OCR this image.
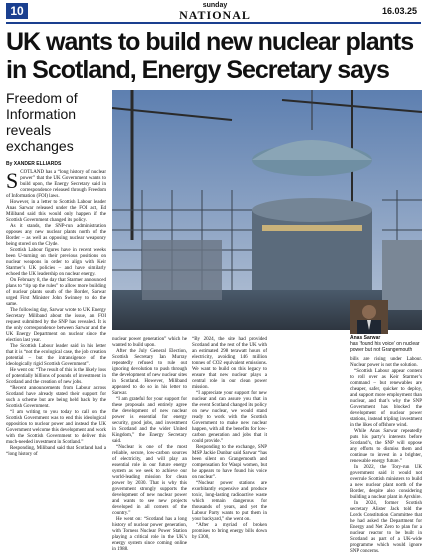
10	sunday
NATIONAL	16.03.25
UK wants to build new nuclear plants in Scotland, Energy Secretary says

Freedom of Information reveals exchanges

By XANDER ELLIARDS
Anas Sarwar
has ‘found his voice’ on nuclear power but not Grangemouth

SCOTLAND has a “long history of nuclear power” that the UK Government wants to build upon, the Energy Secretary said in correspondence released through Freedom of Information (FOI) laws.

However, in a letter to Scottish Labour leader Anas Sarwar released under the FOI act, Ed Miliband said this would only happen if the Scottish Government changed its policy.

As it stands, the SNP-run administration opposes any new nuclear plants north of the Border – as well as opposing nuclear weaponry being stored on the Clyde.

Scottish Labour figures have in recent weeks been U-turning on their previous positions on nuclear weapons in order to align with Keir Starmer’s UK policies – and have similarly echoed the UK leadership on nuclear energy.

On February 8, the day that Starmer announced plans to “rip up the rules” to allow more building of nuclear plants south of the Border, Sarwar urged First Minister John Swinney to do the same.

The following day, Sarwar wrote to UK Energy Secretary Miliband about the issue, an FOI request submitted by the SNP has revealed. It is the only correspondence between Sarwar and the UK Energy Department on nuclear since the election last year.

The Scottish Labour leader said in his letter that it is “not the ecological case, the job creation potential – but the intransigence of the ideologically rigid Scottish Government”.

He went on: “The result of this is the likely loss of potentially billions of pounds of investment in Scotland and the creation of new jobs.

“Recent announcements from Labour across Scotland have already stated their support for such a scheme but are being held back by the Scottish Government.

“I am writing to you today to call on the Scottish Government was to end this ideological opposition to nuclear power and instead the UK Government welcome this development and work with the Scottish Government to deliver this much-needed investment in Scotland.”

Responding, Miliband said that Scotland had a “long history of

nuclear power generation” which he wanted to build upon.

After the July General Election, Scottish Secretary Ian Murray repeatedly refused to rule out ignoring devolution to push through the development of new nuclear sites in Scotland. However, Miliband appeared to do so in his letter to Sarwar.

“I am grateful for your support for these proposals and entirely agree the development of new nuclear power is essential for energy security, good jobs, and investment in Scotland and the wider United Kingdom,” the Energy Secretary said.

“Nuclear is one of the most reliable, secure, low-carbon sources of electricity, and will play an essential role in our future energy system as we seek to achieve our world-leading mission for clean power by 2030. That is why this government strongly supports the development of new nuclear power and wants to see new projects developed in all corners of the country.”

He went on: “Scotland has a long history of nuclear power generation, with Torness Nuclear Power Station playing a critical role in the UK’s energy system since coming online in 1988.

“By 2024, the site had provided Scotland and the rest of the UK with an estimated 298 terawatt hours of electricity, avoiding 146 million tonnes of CO2 equivalent emissions. We want to build on this legacy to ensure that new nuclear plays a central role in our clean power mission.

“I appreciate your support for new nuclear and can assure you that in the event Scotland changed its policy on new nuclear, we would stand ready to work with the Scottish Government to make new nuclear happen, with all the benefits for low-carbon generation and jobs that it could provide.”

Responding to the exchange, SNP MSP Jackie Dunbar said Sarwar “has been silent on Grangemouth and compensation for Waspi women, but he appears to have found his voice on nuclear”.

“Nuclear power stations are exorbitantly expensive and produce toxic, long-lasting radioactive waste which remain dangerous for thousands of years, and yet the Labour Party wants to put them in your backyard,” she went on.

“After a myriad of broken promises to bring energy bills down by £300,

bills are rising under Labour. Nuclear power is not the solution.

“Scottish Labour appear content to roll over as Keir Starmer’s command – but renewables are cheaper, safer, quicker to deploy, and support more employment than nuclear, and that’s why the SNP Government has blocked the development of nuclear power stations, instead tripling investment in the likes of offshore wind.

While Anas Sarwar repeatedly puts his party’s interests before Scotland’s, the SNP will oppose any efforts to dismiss them and continue to invest in a brighter, renewable energy future.”

In 2022, the Tory-run UK government said it would not overrule Scottish ministers to build a new nuclear plant north of the Border, despite also considering building a nuclear plant in Ayrshire.

In 2024, former Scottish secretary Alister Jack told the Lords Constitution Committee that he had asked the Department for Energy and Net Zero to plan for a nuclear reactor to be built in Scotland as part of a UK-wide programme which would ignore SNP concerns.
